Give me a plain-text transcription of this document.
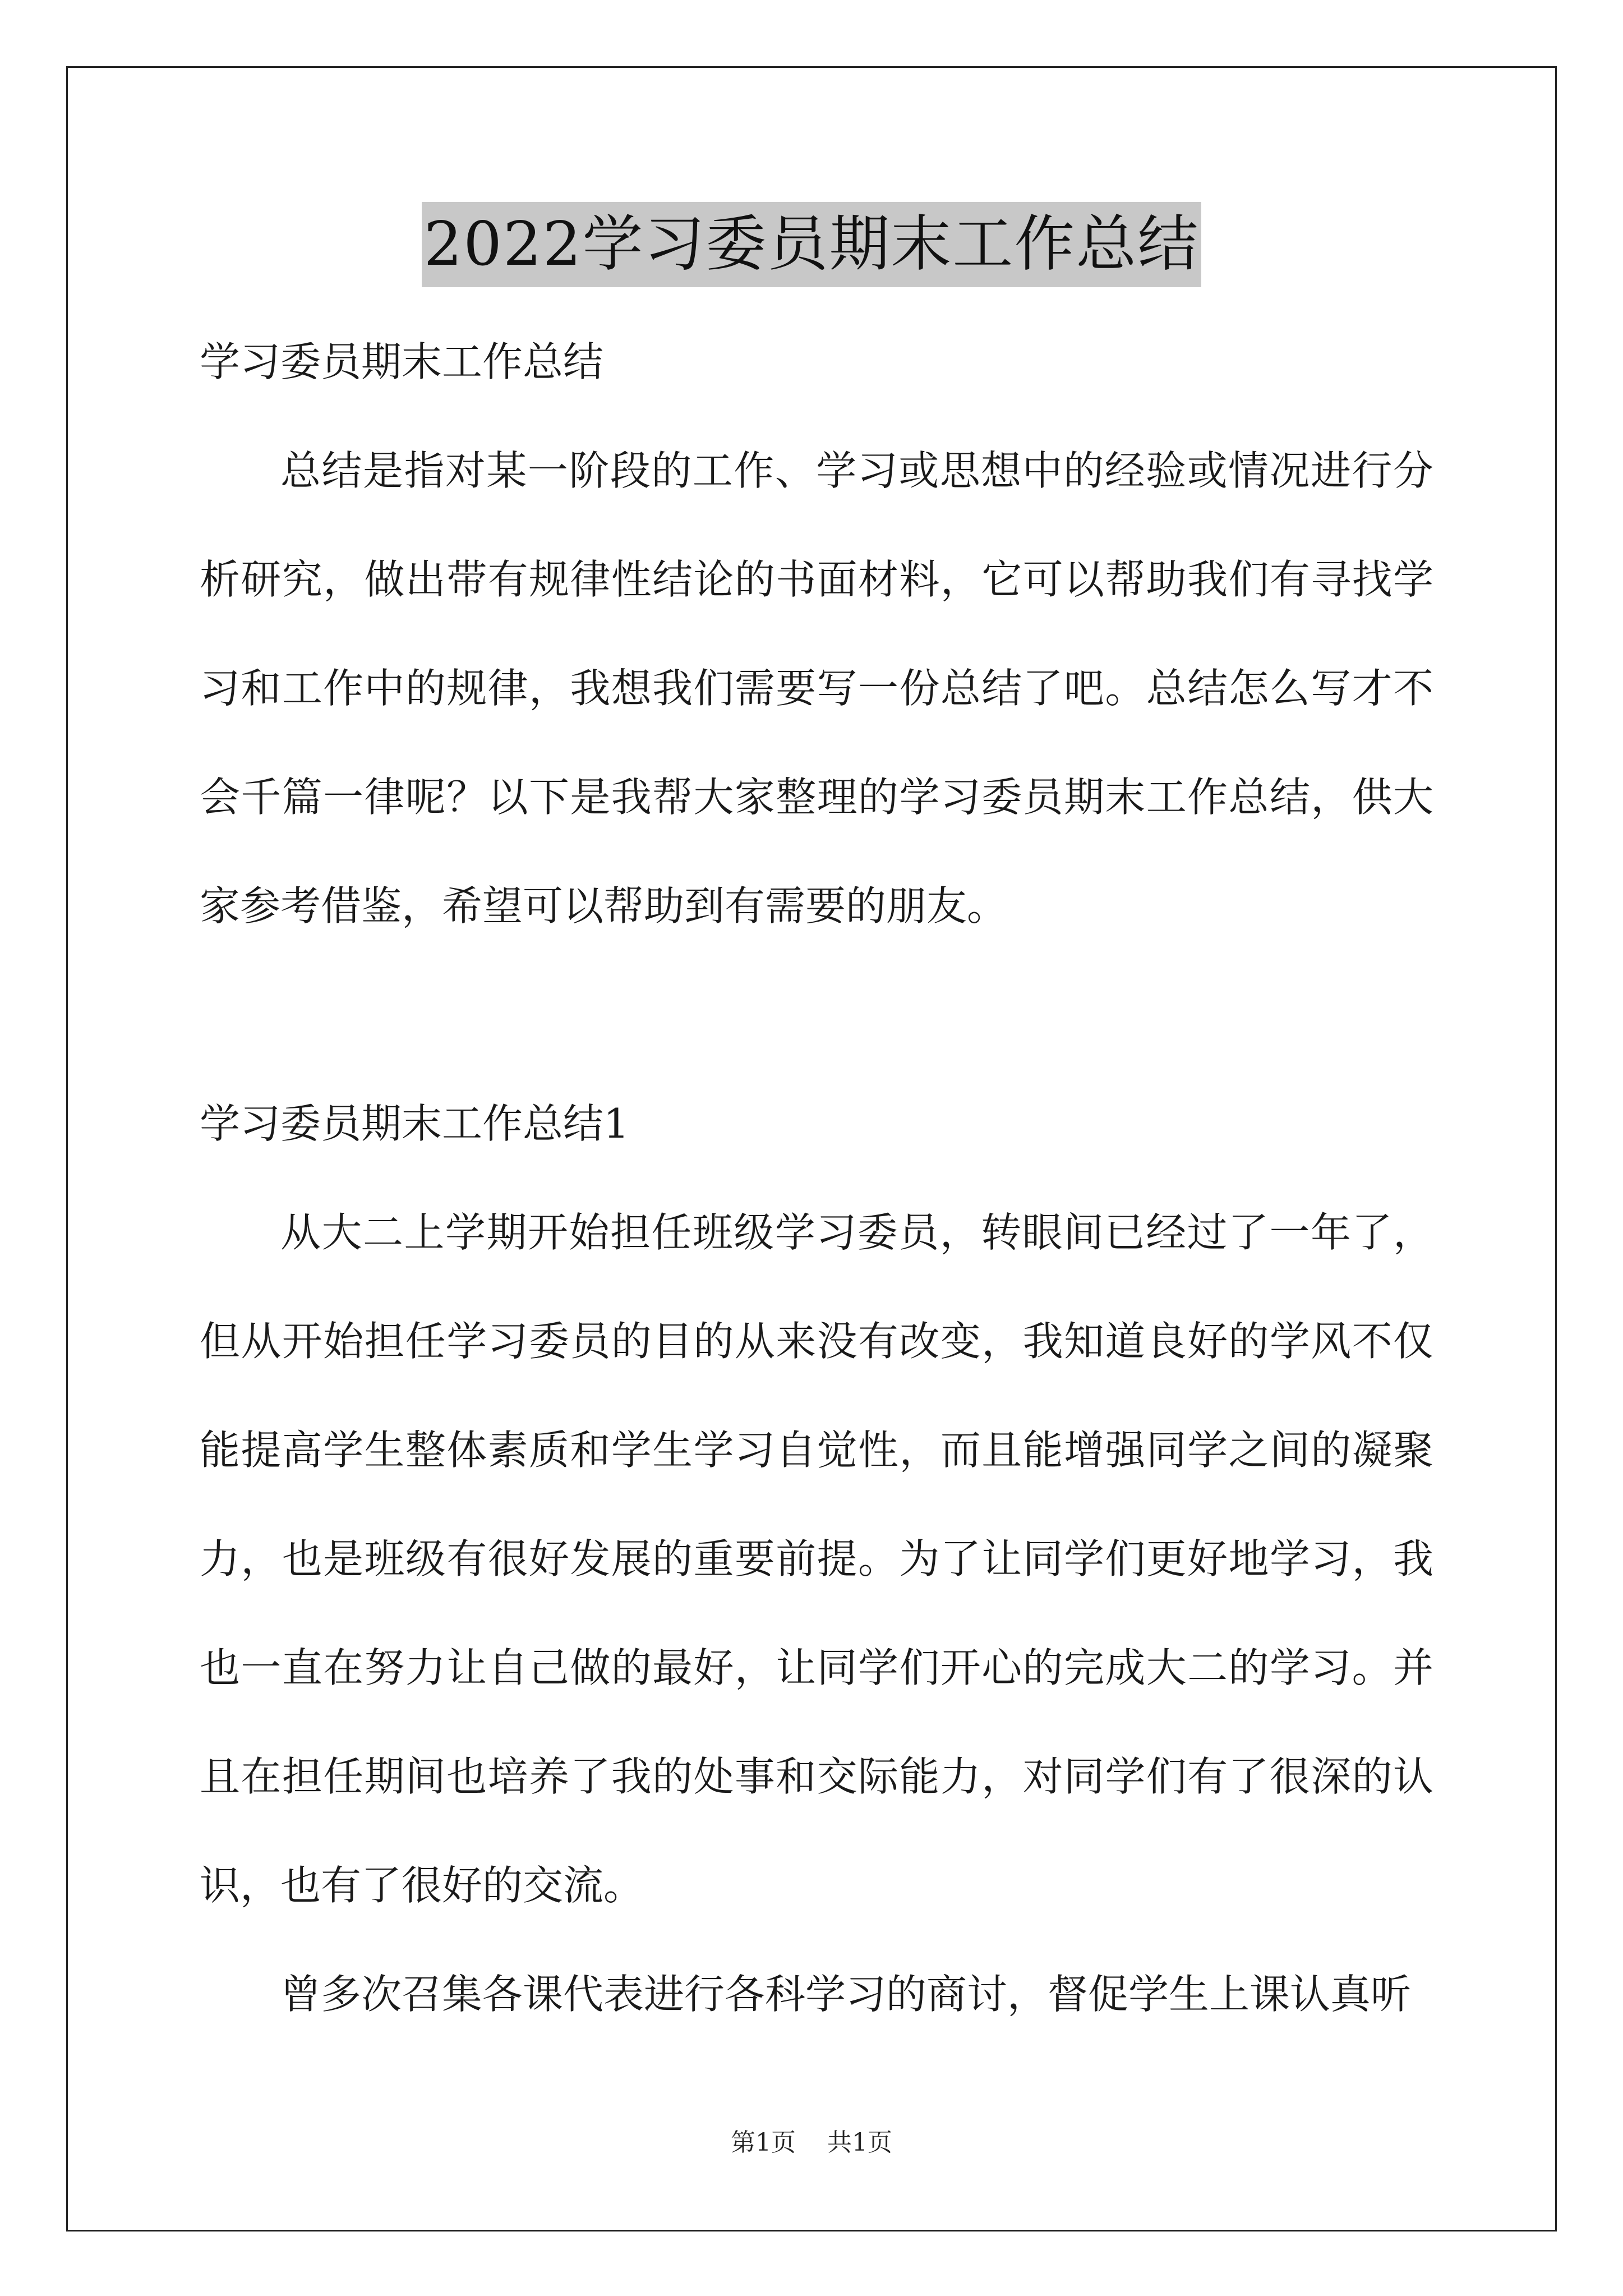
2022学习委员期末工作总结

学习委员期末工作总结

总结是指对某一阶段的工作、学习或思想中的经验或情况进行分析研究，做出带有规律性结论的书面材料，它可以帮助我们有寻找学习和工作中的规律，我想我们需要写一份总结了吧。总结怎么写才不会千篇一律呢？以下是我帮大家整理的学习委员期末工作总结，供大家参考借鉴，希望可以帮助到有需要的朋友。

学习委员期末工作总结1

从大二上学期开始担任班级学习委员，转眼间已经过了一年了，但从开始担任学习委员的目的从来没有改变，我知道良好的学风不仅能提高学生整体素质和学生学习自觉性，而且能增强同学之间的凝聚力，也是班级有很好发展的重要前提。为了让同学们更好地学习，我也一直在努力让自己做的最好，让同学们开心的完成大二的学习。并且在担任期间也培养了我的处事和交际能力，对同学们有了很深的认识，也有了很好的交流。

曾多次召集各课代表进行各科学习的商讨，督促学生上课认真听

第1页 共1页
